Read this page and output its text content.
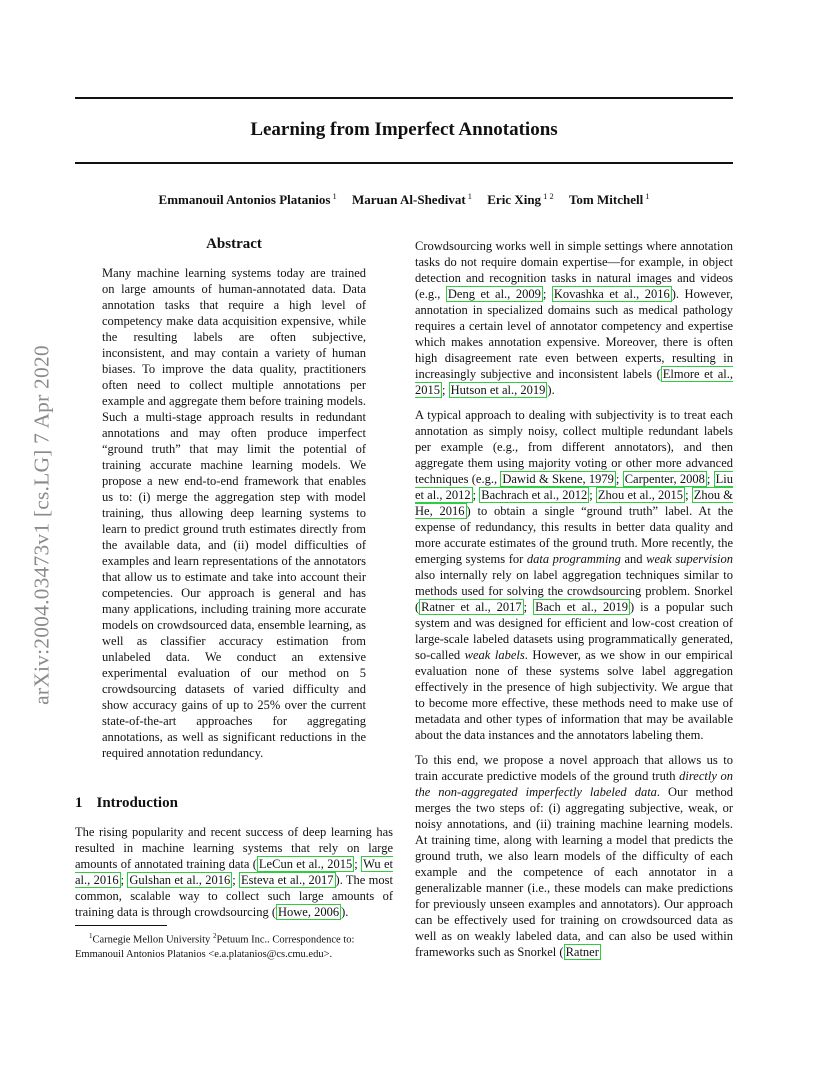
arXiv:2004.03473v1 [cs.LG] 7 Apr 2020
Learning from Imperfect Annotations
Emmanouil Antonios Platanios $^1$ Maruan Al-Shedivat $^1$ Eric Xing $^{1 2}$ Tom Mitchell $^1$
Abstract
Many machine learning systems today are trained on large amounts of human-annotated data. Data annotation tasks that require a high level of competency make data acquisition expensive, while the resulting labels are often subjective, inconsistent, and may contain a variety of human biases. To improve the data quality, practitioners often need to collect multiple annotations per example and aggregate them before training models. Such a multi-stage approach results in redundant annotations and may often produce imperfect “ground truth” that may limit the potential of training accurate machine learning models. We propose a new end-to-end framework that enables us to: (i) merge the aggregation step with model training, thus allowing deep learning systems to learn to predict ground truth estimates directly from the available data, and (ii) model difficulties of examples and learn representations of the annotators that allow us to estimate and take into account their competencies. Our approach is general and has many applications, including training more accurate models on crowdsourced data, ensemble learning, as well as classifier accuracy estimation from unlabeled data. We conduct an extensive experimental evaluation of our method on 5 crowdsourcing datasets of varied difficulty and show accuracy gains of up to 25% over the current state-of-the-art approaches for aggregating annotations, as well as significant reductions in the required annotation redundancy.
1 Introduction
The rising popularity and recent success of deep learning has resulted in machine learning systems that rely on large amounts of annotated training data ( LeCun et al., 2015 ; Wu et al., 2016 ; Gulshan et al., 2016 ; Esteva et al., 2017 ). The most common, scalable way to collect such large amounts of training data is through crowdsourcing ( Howe, 2006 ).

$^1$Carnegie Mellon University $^2$Petuum Inc.. Correspondence to:

Emmanouil Antonios Platanios <e.a.platanios@cs.cmu.edu>.

Crowdsourcing works well in simple settings where annotation tasks do not require domain expertise—for example, in object detection and recognition tasks in natural images and videos (e.g., Deng et al., 2009 ; Kovashka et al., 2016 ). However, annotation in specialized domains such as medical pathology requires a certain level of annotator competency and expertise which makes annotation expensive. Moreover, there is often high disagreement rate even between experts, resulting in increasingly subjective and inconsistent labels ( Elmore et al., 2015 ; Hutson et al., 2019 ).

A typical approach to dealing with subjectivity is to treat each annotation as simply noisy, collect multiple redundant labels per example (e.g., from different annotators), and then aggregate them using majority voting or other more advanced techniques (e.g., Dawid & Skene, 1979 ; Carpenter, 2008 ; Liu et al., 2012 ; Bachrach et al., 2012 ; Zhou et al., 2015 ; Zhou & He, 2016 ) to obtain a single “ground truth” label. At the expense of redundancy, this results in better data quality and more accurate estimates of the ground truth. More recently, the emerging systems for data programming and weak supervision also internally rely on label aggregation techniques similar to methods used for solving the crowdsourcing problem. Snorkel ( Ratner et al., 2017 ; Bach et al., 2019 ) is a popular such system and was designed for efficient and low-cost creation of large-scale labeled datasets using programmatically generated, so-called weak labels. However, as we show in our empirical evaluation none of these systems solve label aggregation effectively in the presence of high subjectivity. We argue that to become more effective, these methods need to make use of metadata and other types of information that may be available about the data instances and the annotators labeling them.

To this end, we propose a novel approach that allows us to train accurate predictive models of the ground truth directly on the non-aggregated imperfectly labeled data. Our method merges the two steps of: (i) aggregating subjective, weak, or noisy annotations, and (ii) training machine learning models. At training time, along with learning a model that predicts the ground truth, we also learn models of the difficulty of each example and the competence of each annotator in a generalizable manner (i.e., these models can make predictions for previously unseen examples and annotators). Our approach can be effectively used for training on crowdsourced data as well as on weakly labeled data, and can also be used within frameworks such as Snorkel ( Ratner
